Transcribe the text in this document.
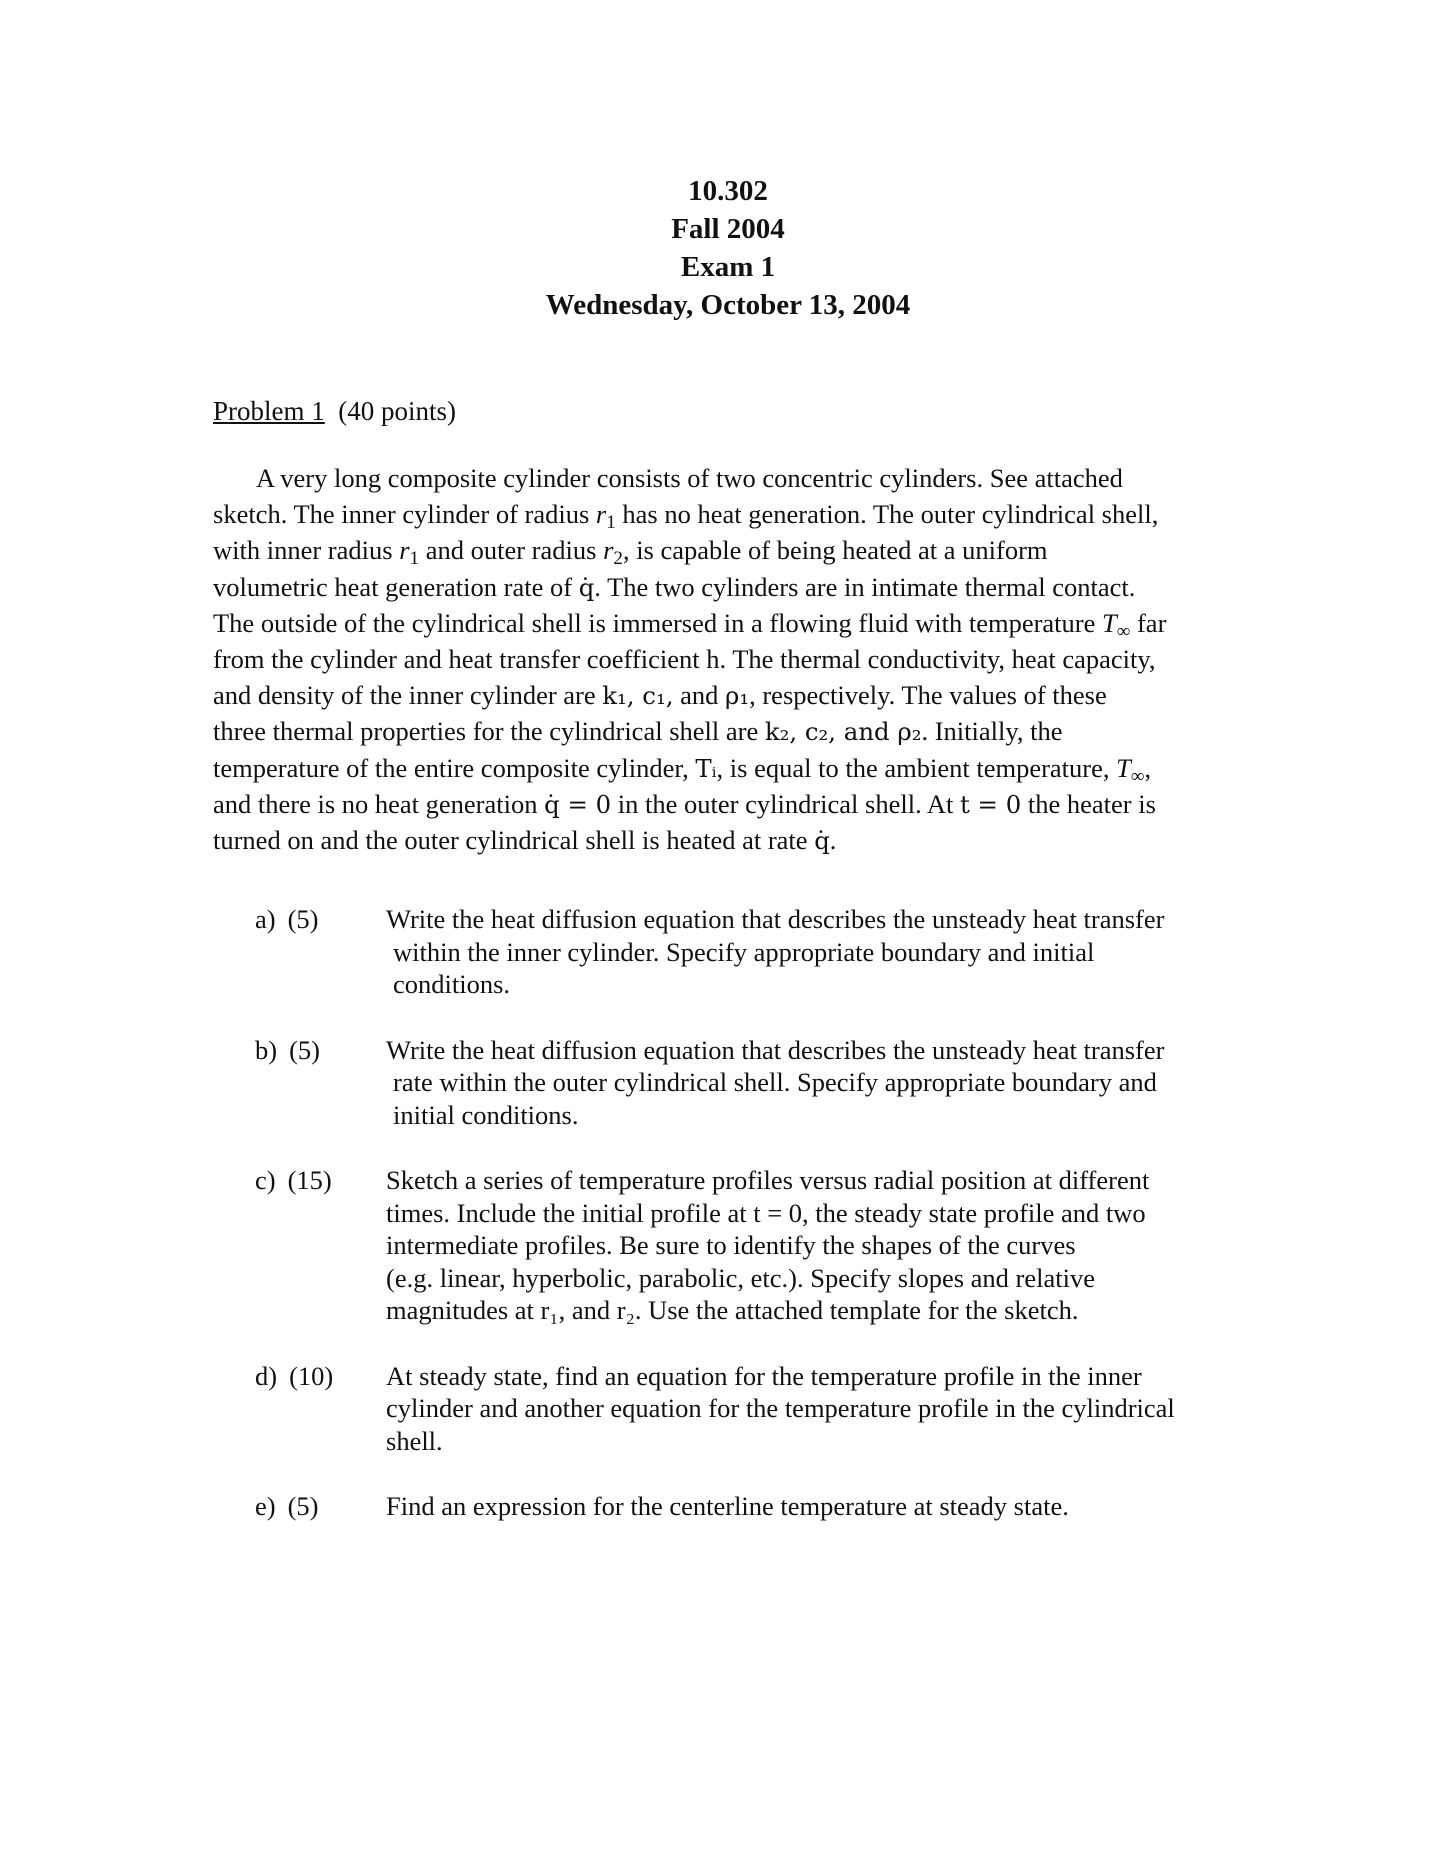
10.302
Fall 2004
Exam 1
Wednesday, October 13, 2004
Problem 1 (40 points)
A very long composite cylinder consists of two concentric cylinders. See attached
sketch. The inner cylinder of radius $r_1$ has no heat generation. The outer cylindrical shell,
with inner radius $r_1$ and outer radius $r_2$, is capable of being heated at a uniform
volumetric heat generation rate of q̇. The two cylinders are in intimate thermal contact.
The outside of the cylindrical shell is immersed in a flowing fluid with temperature $T_\infty$ far
from the cylinder and heat transfer coefficient h. The thermal conductivity, heat capacity,
and density of the inner cylinder are k₁, c₁, and ρ₁, respectively. The values of these
three thermal properties for the cylindrical shell are k₂, c₂, and ρ₂. Initially, the
temperature of the entire composite cylinder, Tᵢ, is equal to the ambient temperature, $T_\infty$,
and there is no heat generation q̇ = 0 in the outer cylindrical shell. At t = 0 the heater is
turned on and the outer cylindrical shell is heated at rate q̇.
a) (5)	Write the heat diffusion equation that describes the unsteady heat transfer
within the inner cylinder. Specify appropriate boundary and initial
conditions.
b) (5)	Write the heat diffusion equation that describes the unsteady heat transfer
rate within the outer cylindrical shell. Specify appropriate boundary and
initial conditions.
c) (15)	Sketch a series of temperature profiles versus radial position at different
times. Include the initial profile at t = 0, the steady state profile and two
intermediate profiles. Be sure to identify the shapes of the curves
(e.g. linear, hyperbolic, parabolic, etc.). Specify slopes and relative
magnitudes at r₁, and r₂. Use the attached template for the sketch.
d) (10)	At steady state, find an equation for the temperature profile in the inner
cylinder and another equation for the temperature profile in the cylindrical
shell.
e) (5)	Find an expression for the centerline temperature at steady state.
